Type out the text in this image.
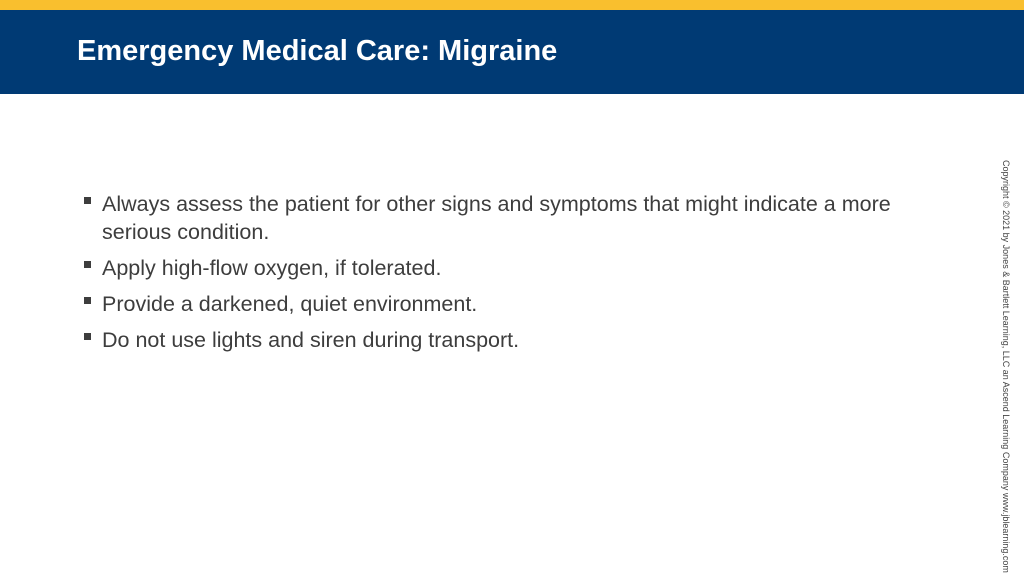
Emergency Medical Care: Migraine
Always assess the patient for other signs and symptoms that might indicate a more serious condition.
Apply high-flow oxygen, if tolerated.
Provide a darkened, quiet environment.
Do not use lights and siren during transport.	Copyright © 2021 by Jones & Bartlett Learning, LLC an Ascend Learning Company www.jblearning.com
